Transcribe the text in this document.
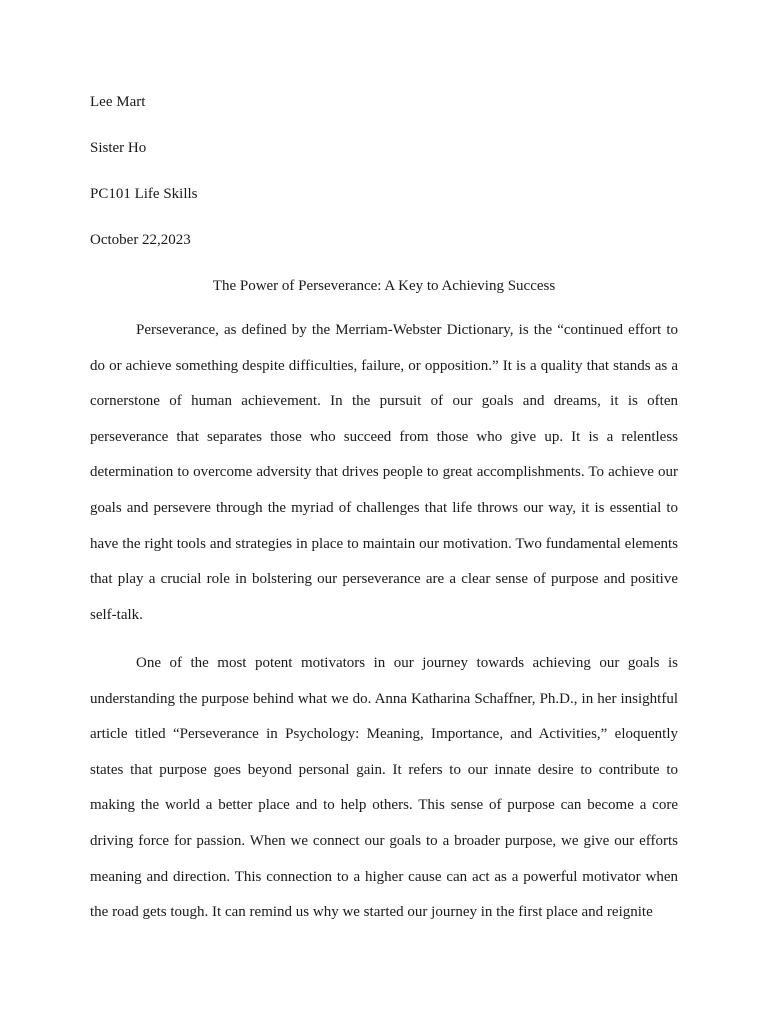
Lee Mart
Sister Ho
PC101 Life Skills
October 22,2023
The Power of Perseverance: A Key to Achieving Success

Perseverance, as defined by the Merriam-Webster Dictionary, is the “continued effort to do or achieve something despite difficulties, failure, or opposition.” It is a quality that stands as a cornerstone of human achievement. In the pursuit of our goals and dreams, it is often perseverance that separates those who succeed from those who give up. It is a relentless determination to overcome adversity that drives people to great accomplishments. To achieve our goals and persevere through the myriad of challenges that life throws our way, it is essential to have the right tools and strategies in place to maintain our motivation. Two fundamental elements that play a crucial role in bolstering our perseverance are a clear sense of purpose and positive self-talk.

One of the most potent motivators in our journey towards achieving our goals is understanding the purpose behind what we do. Anna Katharina Schaffner, Ph.D., in her insightful article titled “Perseverance in Psychology: Meaning, Importance, and Activities,” eloquently states that purpose goes beyond personal gain. It refers to our innate desire to contribute to making the world a better place and to help others. This sense of purpose can become a core driving force for passion. When we connect our goals to a broader purpose, we give our efforts meaning and direction. This connection to a higher cause can act as a powerful motivator when the road gets tough. It can remind us why we started our journey in the first place and reignite
